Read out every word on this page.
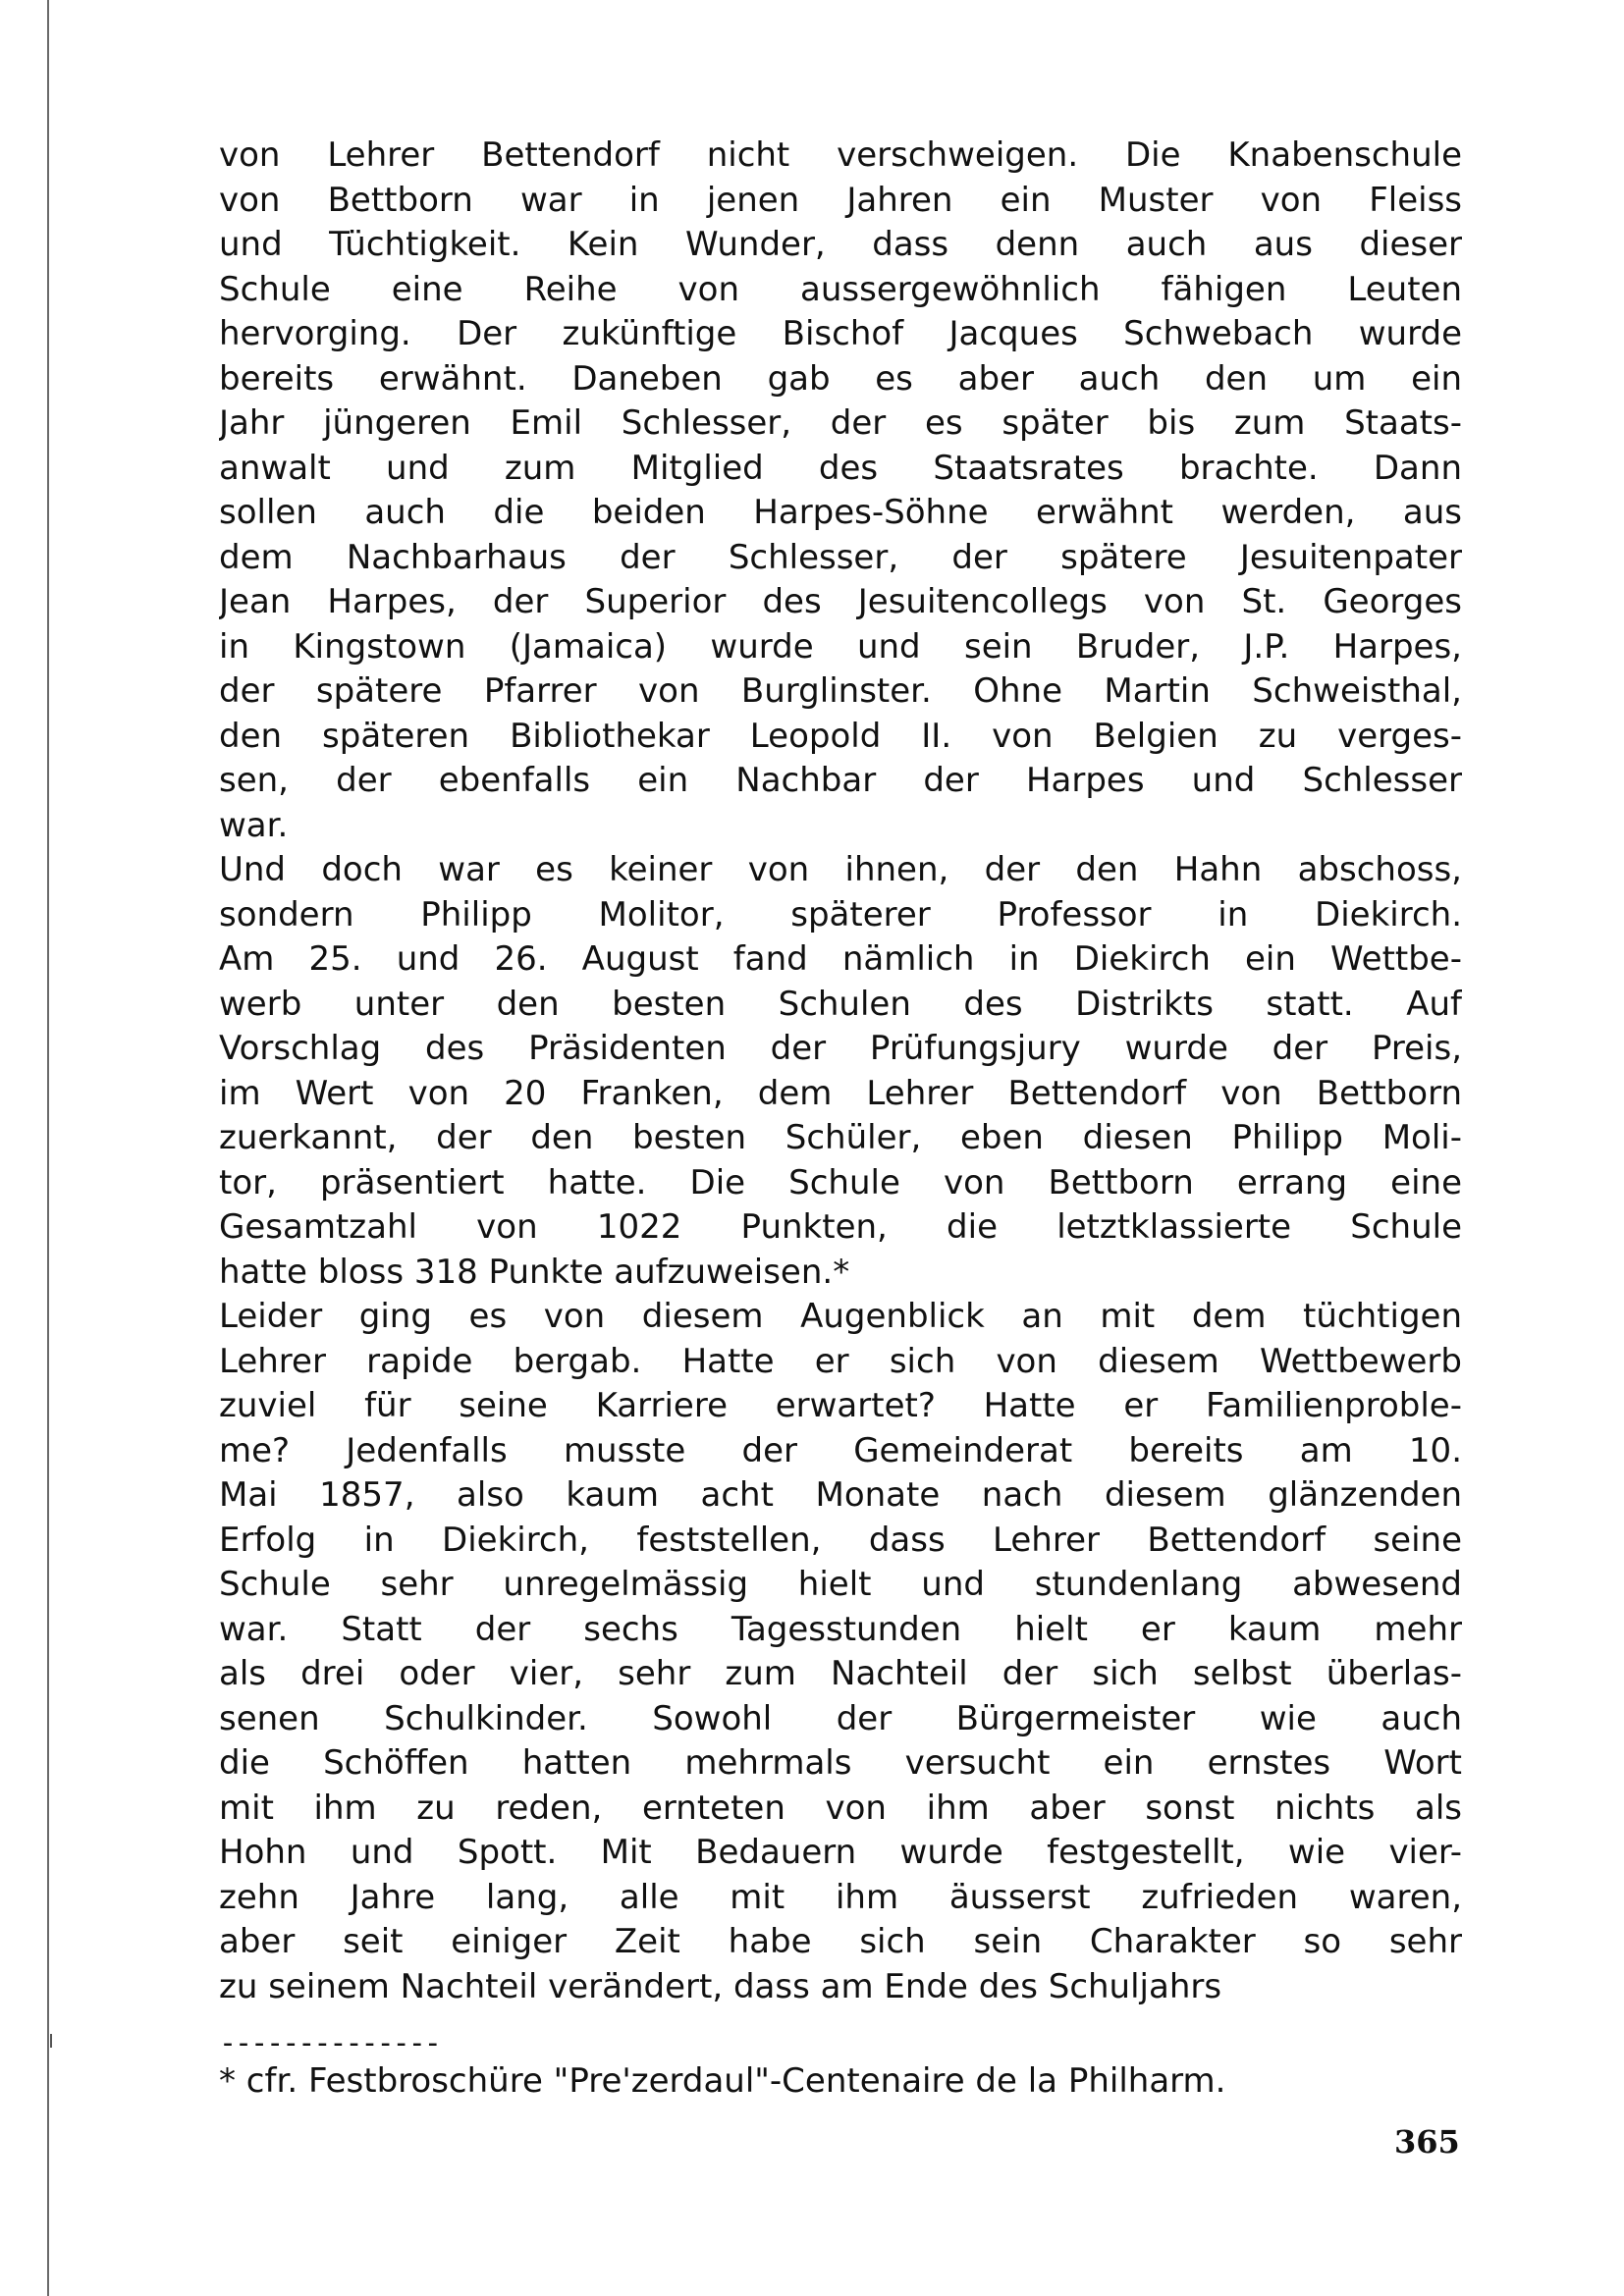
von Lehrer Bettendorf nicht verschweigen. Die Knabenschule
von Bettborn war in jenen Jahren ein Muster von Fleiss
und Tüchtigkeit. Kein Wunder, dass denn auch aus dieser
Schule eine Reihe von aussergewöhnlich fähigen Leuten
hervorging. Der zukünftige Bischof Jacques Schwebach wurde
bereits erwähnt. Daneben gab es aber auch den um ein
Jahr jüngeren Emil Schlesser, der es später bis zum Staats-
anwalt und zum Mitglied des Staatsrates brachte. Dann
sollen auch die beiden Harpes-Söhne erwähnt werden, aus
dem Nachbarhaus der Schlesser, der spätere Jesuitenpater
Jean Harpes, der Superior des Jesuitencollegs von St. Georges
in Kingstown (Jamaica) wurde und sein Bruder, J.P. Harpes,
der spätere Pfarrer von Burglinster. Ohne Martin Schweisthal,
den späteren Bibliothekar Leopold II. von Belgien zu verges-
sen, der ebenfalls ein Nachbar der Harpes und Schlesser
war.
Und doch war es keiner von ihnen, der den Hahn abschoss,
sondern Philipp Molitor, späterer Professor in Diekirch.
Am 25. und 26. August fand nämlich in Diekirch ein Wettbe-
werb unter den besten Schulen des Distrikts statt. Auf
Vorschlag des Präsidenten der Prüfungsjury wurde der Preis,
im Wert von 20 Franken, dem Lehrer Bettendorf von Bettborn
zuerkannt, der den besten Schüler, eben diesen Philipp Moli-
tor, präsentiert hatte. Die Schule von Bettborn errang eine
Gesamtzahl von 1022 Punkten, die letztklassierte Schule
hatte bloss 318 Punkte aufzuweisen.*
Leider ging es von diesem Augenblick an mit dem tüchtigen
Lehrer rapide bergab. Hatte er sich von diesem Wettbewerb
zuviel für seine Karriere erwartet? Hatte er Familienproble-
me? Jedenfalls musste der Gemeinderat bereits am 10.
Mai 1857, also kaum acht Monate nach diesem glänzenden
Erfolg in Diekirch, feststellen, dass Lehrer Bettendorf seine
Schule sehr unregelmässig hielt und stundenlang abwesend
war. Statt der sechs Tagesstunden hielt er kaum mehr
als drei oder vier, sehr zum Nachteil der sich selbst überlas-
senen Schulkinder. Sowohl der Bürgermeister wie auch
die Schöffen hatten mehrmals versucht ein ernstes Wort
mit ihm zu reden, ernteten von ihm aber sonst nichts als
Hohn und Spott. Mit Bedauern wurde festgestellt, wie vier-
zehn Jahre lang, alle mit ihm äusserst zufrieden waren,
aber seit einiger Zeit habe sich sein Charakter so sehr
zu seinem Nachteil verändert, dass am Ende des Schuljahrs
--------------
* cfr. Festbroschüre "Pre'zerdaul"-Centenaire de la Philharm.
365
